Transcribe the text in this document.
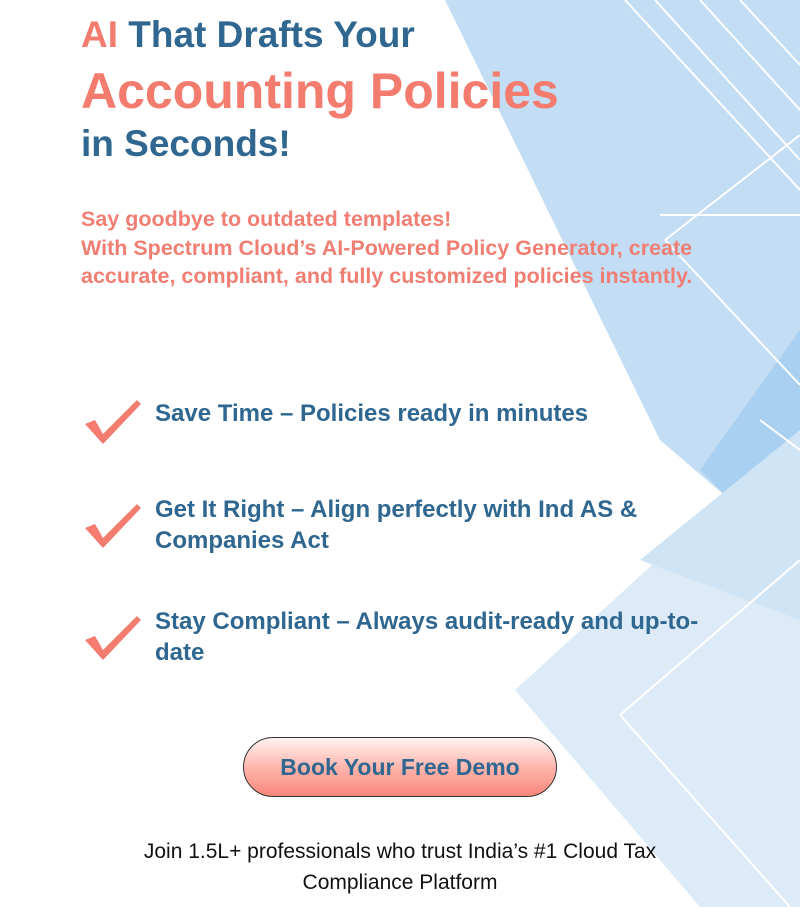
AI That Drafts Your
Accounting Policies
in Seconds!
Say goodbye to outdated templates!
With Spectrum Cloud’s AI-Powered Policy Generator, create accurate, compliant, and fully customized policies instantly.
Save Time – Policies ready in minutes
Get It Right – Align perfectly with Ind AS & Companies Act
Stay Compliant – Always audit-ready and up-to-date
Book Your Free Demo
Join 1.5L+ professionals who trust India’s #1 Cloud Tax Compliance Platform
